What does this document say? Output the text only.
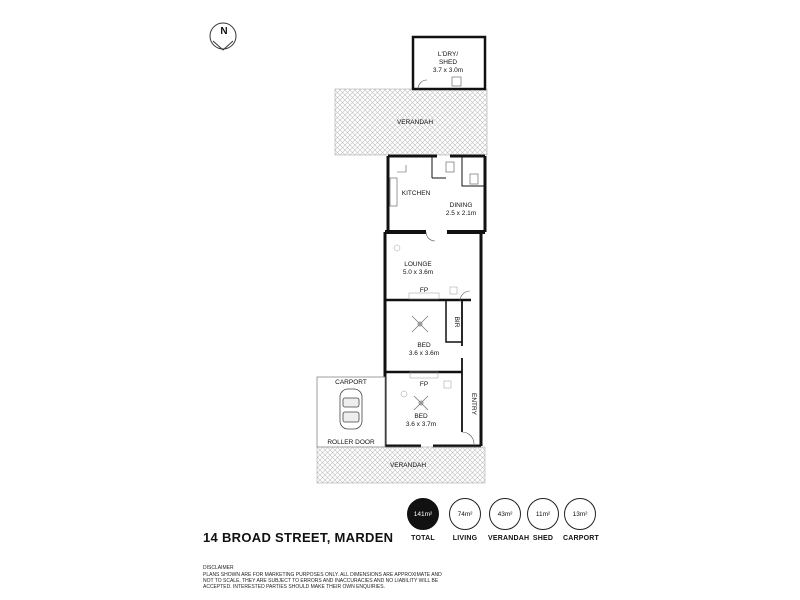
N
VERANDAH
L'DRY/
SHED
3.7 x 3.0m
KITCHEN
DINING
2.5 x 2.1m
LOUNGE
5.0 x 3.6m
FP
BED
3.6 x 3.6m
BIR
FP
BED
3.6 x 3.7m
ENTRY
CARPORT
ROLLER DOOR
VERANDAH
141m²
TOTAL
74m²
LIVING
43m²
VERANDAH
11m²
SHED
13m²
CARPORT
14 BROAD STREET, MARDEN
DISCLAIMER
PLANS SHOWN ARE FOR MARKETING PURPOSES ONLY. ALL DIMENSIONS ARE APPROXIMATE AND NOT TO SCALE. THEY ARE SUBJECT TO ERRORS AND INACCURACIES AND NO LIABILITY WILL BE ACCEPTED. INTERESTED PARTIES SHOULD MAKE THEIR OWN ENQUIRIES.
